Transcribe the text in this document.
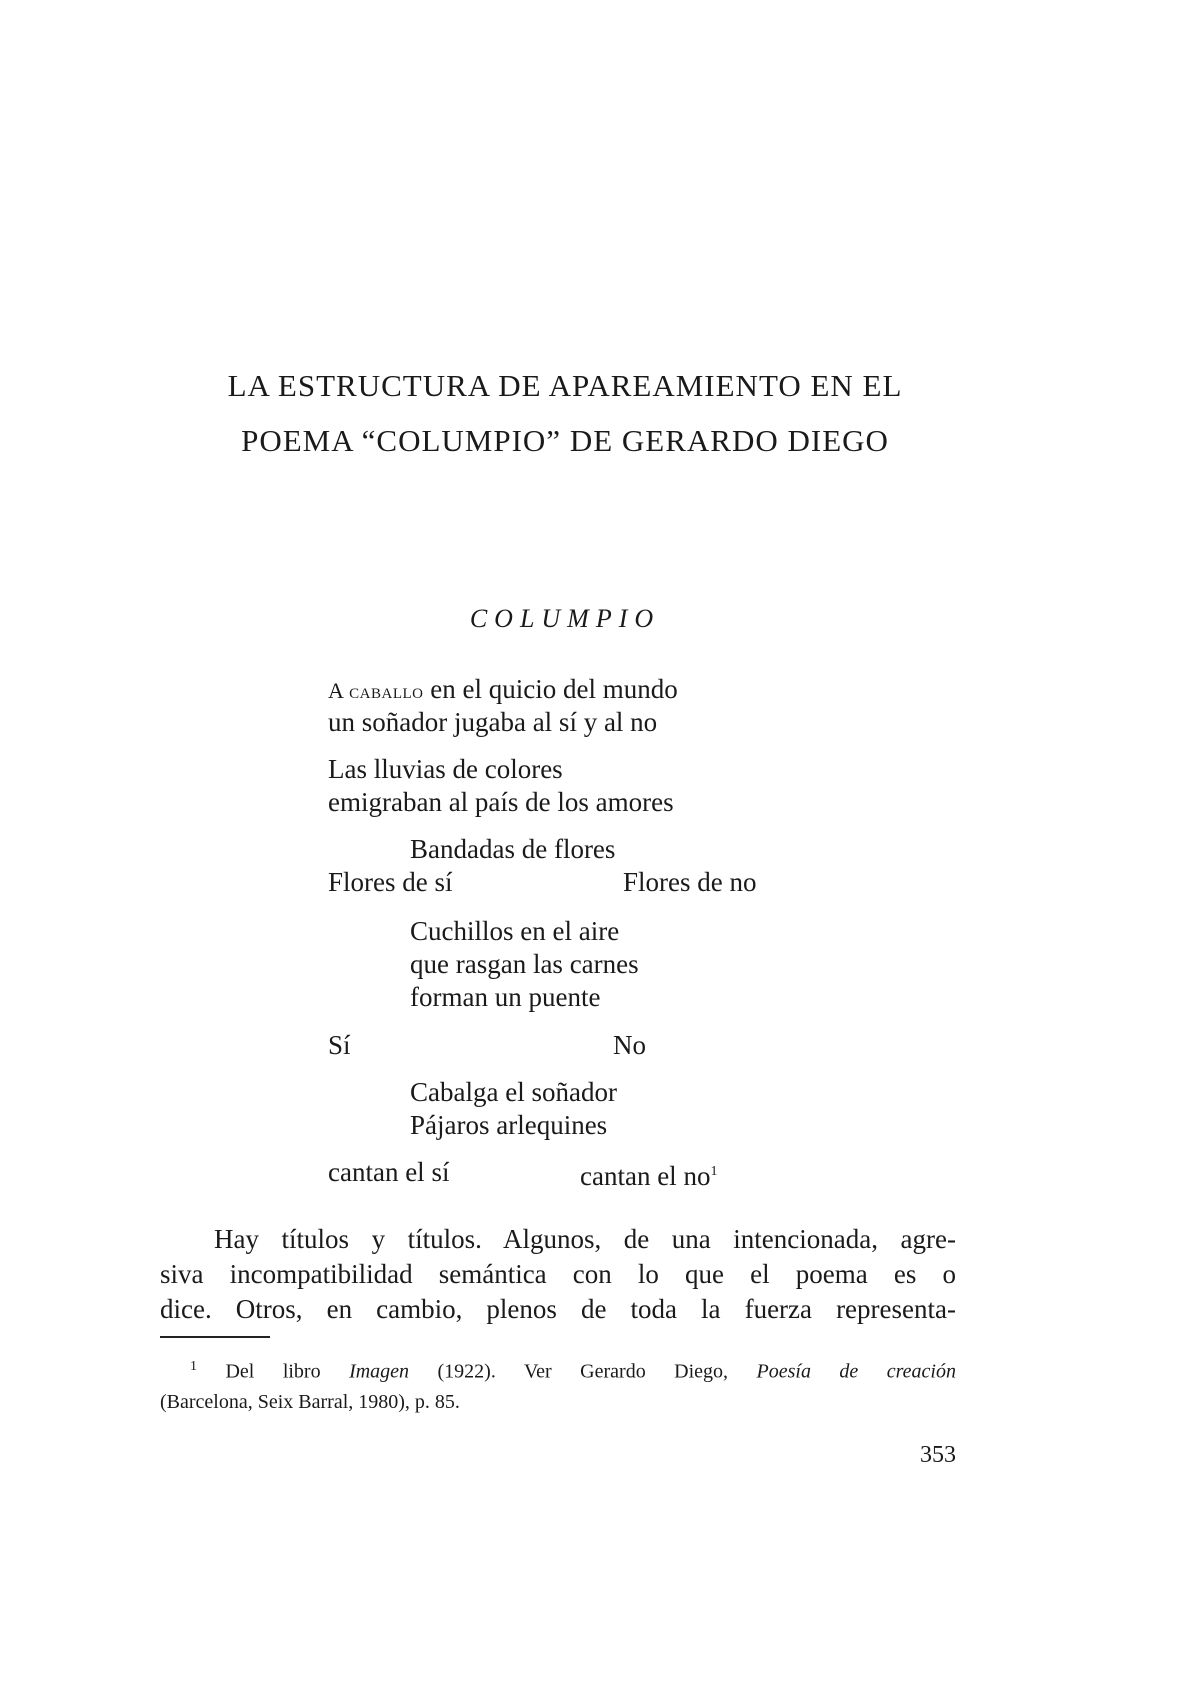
LA ESTRUCTURA DE APAREAMIENTO EN EL
POEMA “COLUMPIO” DE GERARDO DIEGO
COLUMPIO
A caballo en el quicio del mundo
un soñador jugaba al sí y al no
Las lluvias de colores
emigraban al país de los amores
Bandadas de flores
Flores de sí	Flores de no
Cuchillos en el aire
que rasgan las carnes
forman un puente
Sí	No
Cabalga el soñador
Pájaros arlequines
cantan el sí	cantan el $no^1$
Hay títulos y títulos. Algunos, de una intencionada, agre-
siva incompatibilidad semántica con lo que el poema es o
dice. Otros, en cambio, plenos de toda la fuerza representa-
$^1$ Del libro Imagen (1922). Ver Gerardo Diego, Poesía de creación
(Barcelona, Seix Barral, 1980), p. 85.
353
